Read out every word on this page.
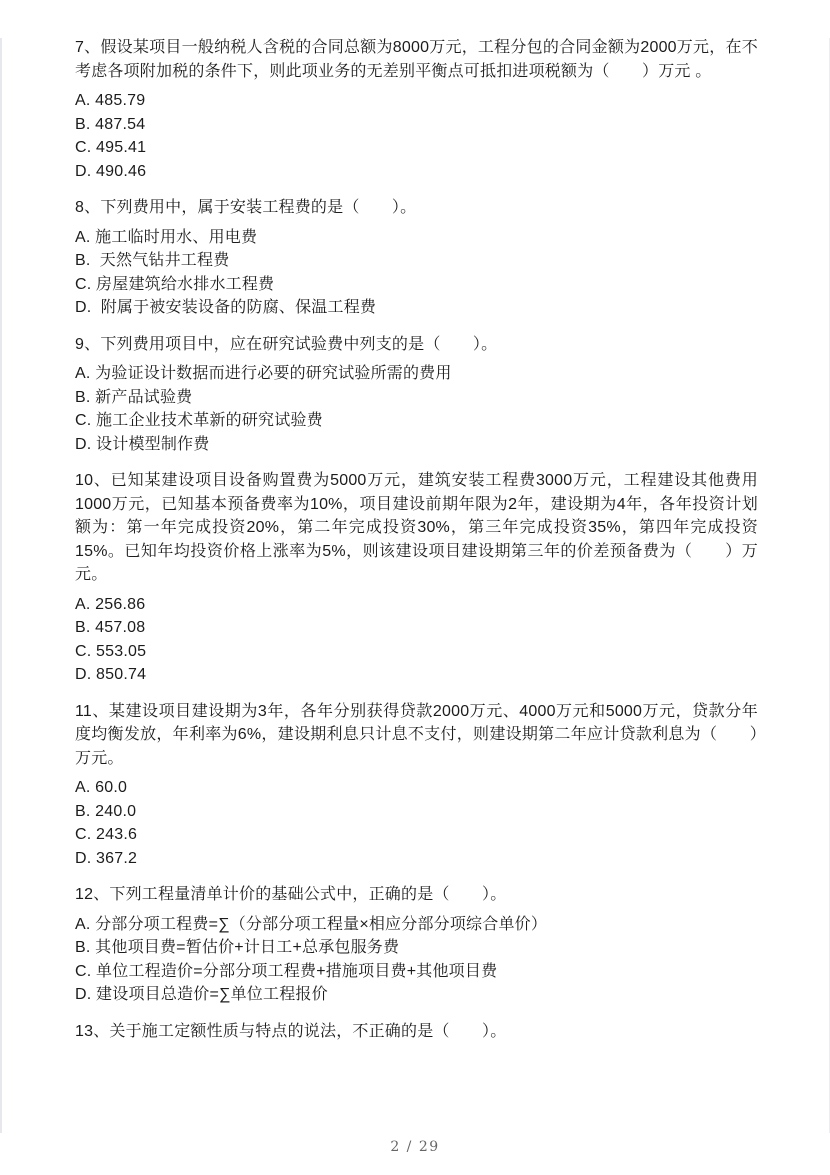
7、假设某项目一般纳税人含税的合同总额为8000万元，工程分包的合同金额为2000万元，在不考虑各项附加税的条件下，则此项业务的无差别平衡点可抵扣进项税额为（　　）万元 。

A. 485.79
B. 487.54
C. 495.41
D. 490.46

8、下列费用中，属于安装工程费的是（　　）。

A. 施工临时用水、用电费
B.  天然气钻井工程费
C. 房屋建筑给水排水工程费
D.  附属于被安装设备的防腐、保温工程费

9、下列费用项目中，应在研究试验费中列支的是（　　）。

A. 为验证设计数据而进行必要的研究试验所需的费用
B. 新产品试验费
C. 施工企业技术革新的研究试验费
D. 设计模型制作费

10、已知某建设项目设备购置费为5000万元，建筑安装工程费3000万元，工程建设其他费用1000万元，已知基本预备费率为10%，项目建设前期年限为2年，建设期为4年，各年投资计划额为：第一年完成投资20%，第二年完成投资30%，第三年完成投资35%，第四年完成投资15%。已知年均投资价格上涨率为5%，则该建设项目建设期第三年的价差预备费为（　　）万元。

A. 256.86
B. 457.08
C. 553.05
D. 850.74

11、某建设项目建设期为3年，各年分别获得贷款2000万元、4000万元和5000万元，贷款分年度均衡发放，年利率为6%，建设期利息只计息不支付，则建设期第二年应计贷款利息为（　　）万元。

A. 60.0
B. 240.0
C. 243.6
D. 367.2

12、下列工程量清单计价的基础公式中，正确的是（　　）。

A. 分部分项工程费=∑（分部分项工程量×相应分部分项综合单价）
B. 其他项目费=暂估价+计日工+总承包服务费
C. 单位工程造价=分部分项工程费+措施项目费+其他项目费
D. 建设项目总造价=∑单位工程报价

13、关于施工定额性质与特点的说法，不正确的是（　　）。

2 / 29
